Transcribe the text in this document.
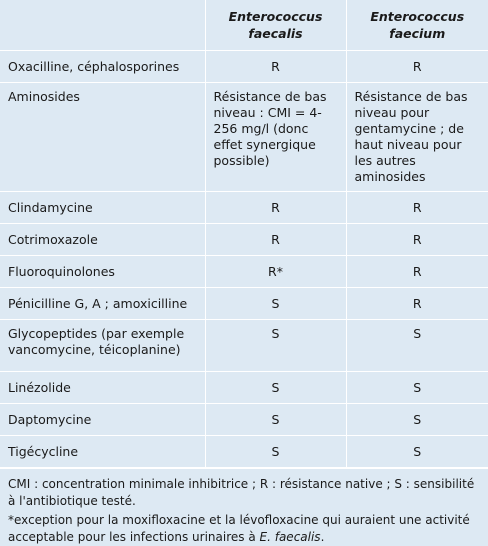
	Enterococcus faecalis	Enterococcus faecium
Oxacilline, céphalosporines	R	R
Aminosides	Résistance de bas niveau : CMI = 4-256 mg/l (donc effet synergique possible)	Résistance de bas niveau pour gentamycine ; de haut niveau pour les autres aminosides
Clindamycine	R	R
Cotrimoxazole	R	R
Fluoroquinolones	R*	R
Pénicilline G, A ; amoxicilline	S	R
Glycopeptides (par exemple vancomycine, téicoplanine)	S	S
Linézolide	S	S
Daptomycine	S	S
Tigécycline	S	S

CMI : concentration minimale inhibitrice ; R : résistance native ; S : sensibilité à l'antibiotique testé.

*exception pour la moxifloxacine et la lévofloxacine qui auraient une activité acceptable pour les infections urinaires à E. faecalis.
